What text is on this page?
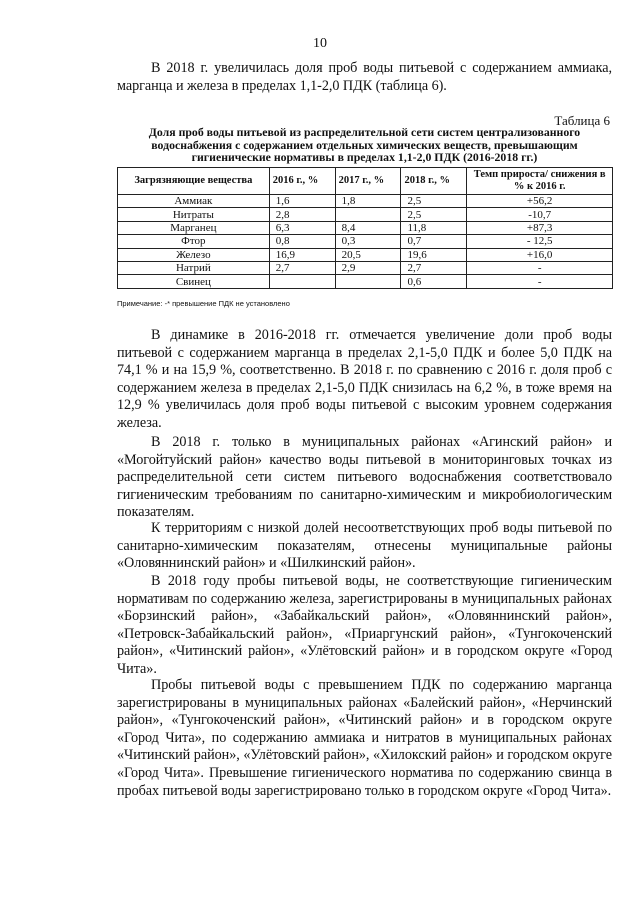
10

В 2018 г. увеличилась доля проб воды питьевой с содержанием аммиака, марганца и железа в пределах 1,1-2,0 ПДК (таблица 6).

Таблица 6

Доля проб воды питьевой из распределительной сети систем централизованного водоснабжения с содержанием отдельных химических веществ, превышающим гигиенические нормативы в пределах 1,1-2,0 ПДК (2016-2018 гг.)

Загрязняющие вещества	2016 г., %	2017 г., %	2018 г., %	Темп прироста/ снижения в % к 2016 г.
Аммиак	1,6	1,8	2,5	+56,2
Нитраты	2,8		2,5	-10,7
Марганец	6,3	8,4	11,8	+87,3
Фтор	0,8	0,3	0,7	- 12,5
Железо	16,9	20,5	19,6	+16,0
Натрий	2,7	2,9	2,7	-
Свинец			0,6	-
Примечание: -* превышение ПДК не установлено

В динамике в 2016-2018 гг. отмечается увеличение доли проб воды питьевой с содержанием марганца в пределах 2,1-5,0 ПДК и более 5,0 ПДК на 74,1 % и на 15,9 %, соответственно. В 2018 г. по сравнению с 2016 г. доля проб с содержанием железа в пределах 2,1-5,0 ПДК снизилась на 6,2 %, в тоже время на 12,9 % увеличилась доля проб воды питьевой с высоким уровнем содержания железа.

В 2018 г. только в муниципальных районах «Агинский район» и «Могойтуйский район» качество воды питьевой в мониторинговых точках из распределительной сети систем питьевого водоснабжения соответствовало гигиеническим требованиям по санитарно-химическим и микробиологическим показателям.

К территориям с низкой долей несоответствующих проб воды питьевой по санитарно-химическим показателям, отнесены муниципальные районы «Оловяннинский район» и «Шилкинский район».

В 2018 году пробы питьевой воды, не соответствующие гигиеническим нормативам по содержанию железа, зарегистрированы в муниципальных районах «Борзинский район», «Забайкальский район», «Оловяннинский район», «Петровск-Забайкальский район», «Приаргунский район», «Тунгокоченский район», «Читинский район», «Улётовский район» и в городском округе «Город Чита».

Пробы питьевой воды с превышением ПДК по содержанию марганца зарегистрированы в муниципальных районах «Балейский район», «Нерчинский район», «Тунгокоченский район», «Читинский район» и в городском округе «Город Чита», по содержанию аммиака и нитратов в муниципальных районах «Читинский район», «Улётовский район», «Хилокский район» и городском округе «Город Чита». Превышение гигиенического норматива по содержанию свинца в пробах питьевой воды зарегистрировано только в городском округе «Город Чита».
